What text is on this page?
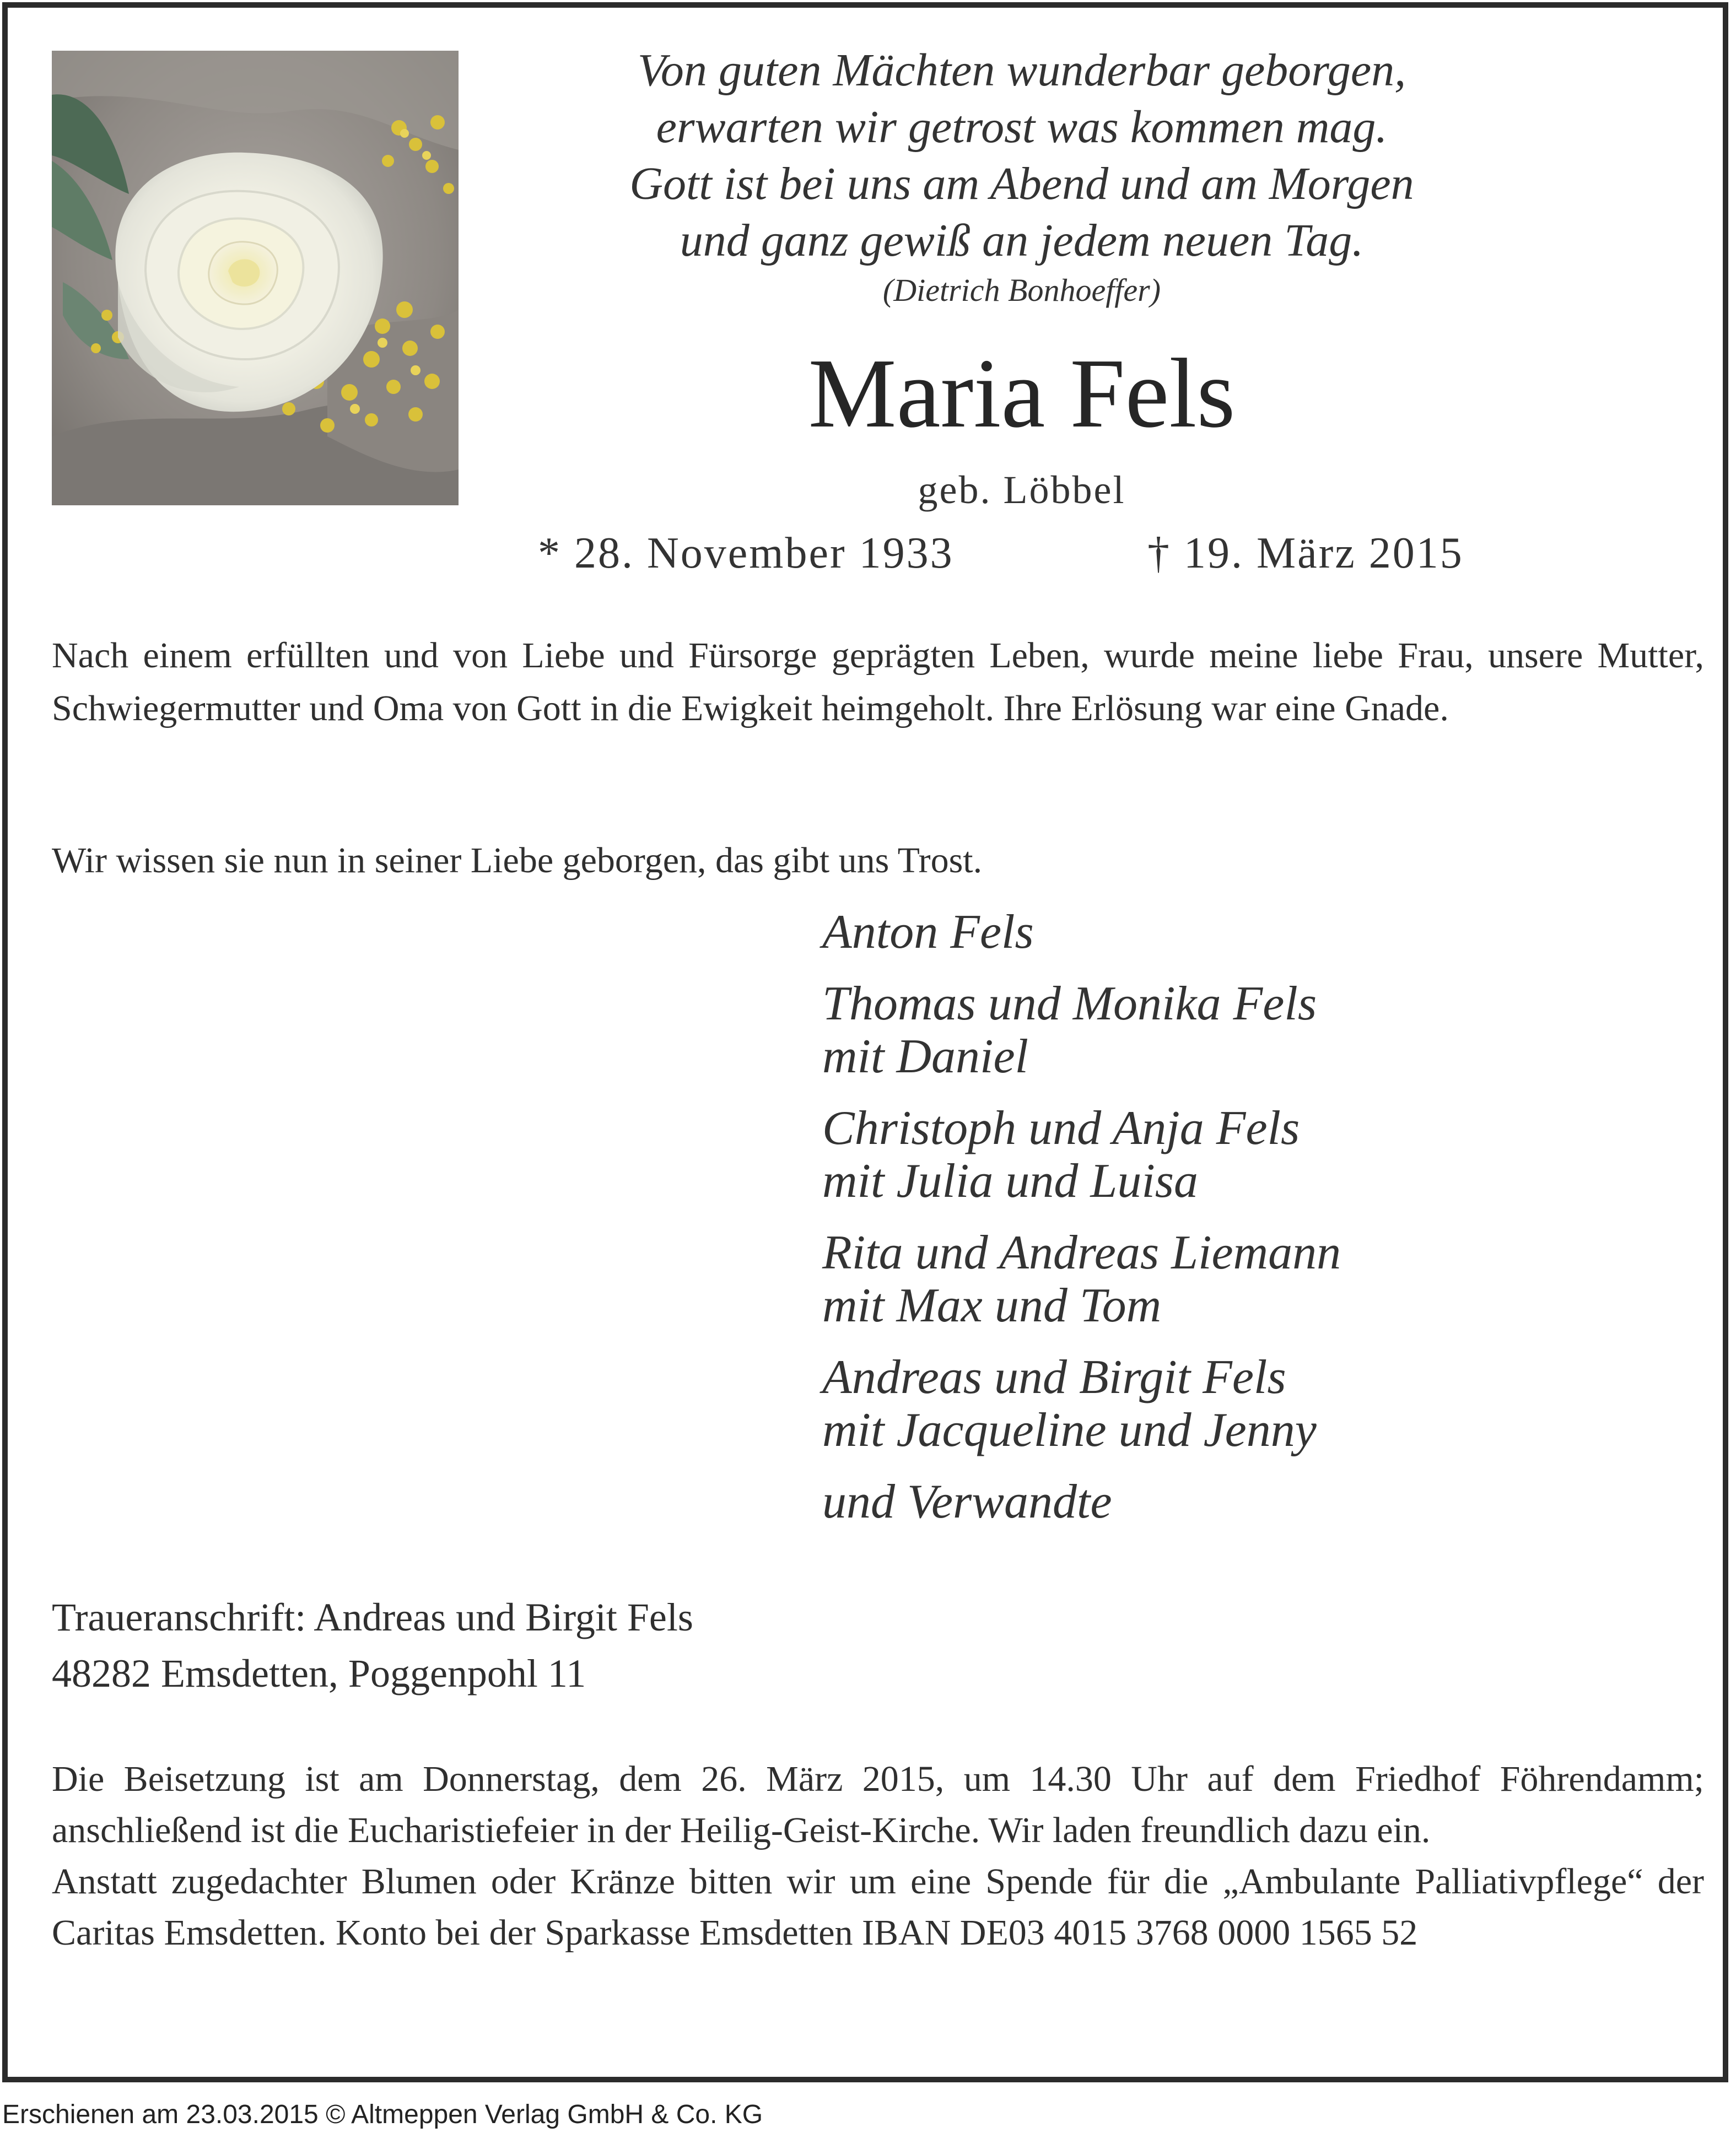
Von guten Mächten wunderbar geborgen,
erwarten wir getrost was kommen mag.
Gott ist bei uns am Abend und am Morgen
und ganz gewiß an jedem neuen Tag.
(Dietrich Bonhoeffer)
Maria Fels
geb. Löbbel
* 28. November 1933	† 19. März 2015
Nach einem erfüllten und von Liebe und Fürsorge geprägten Leben, wurde meine liebe Frau, unsere Mutter, Schwiegermutter und Oma von Gott in die Ewigkeit heimgeholt. Ihre Erlösung war eine Gnade.
Wir wissen sie nun in seiner Liebe geborgen, das gibt uns Trost.
Anton Fels
Thomas und Monika Fels
mit Daniel
Christoph und Anja Fels
mit Julia und Luisa
Rita und Andreas Liemann
mit Max und Tom
Andreas und Birgit Fels
mit Jacqueline und Jenny
und Verwandte
Traueranschrift: Andreas und Birgit Fels
48282 Emsdetten, Poggenpohl 11

Die Beisetzung ist am Donnerstag, dem 26. März 2015, um 14.30 Uhr auf dem Friedhof Föhrendamm; anschließend ist die Eucharistiefeier in der Heilig-Geist-Kirche. Wir laden freundlich dazu ein.

Anstatt zugedachter Blumen oder Kränze bitten wir um eine Spende für die „Ambulante Palliativpflege“ der Caritas Emsdetten. Konto bei der Sparkasse Emsdetten IBAN DE03 4015 3768 0000 1565 52

Erschienen am 23.03.2015 © Altmeppen Verlag GmbH & Co. KG
